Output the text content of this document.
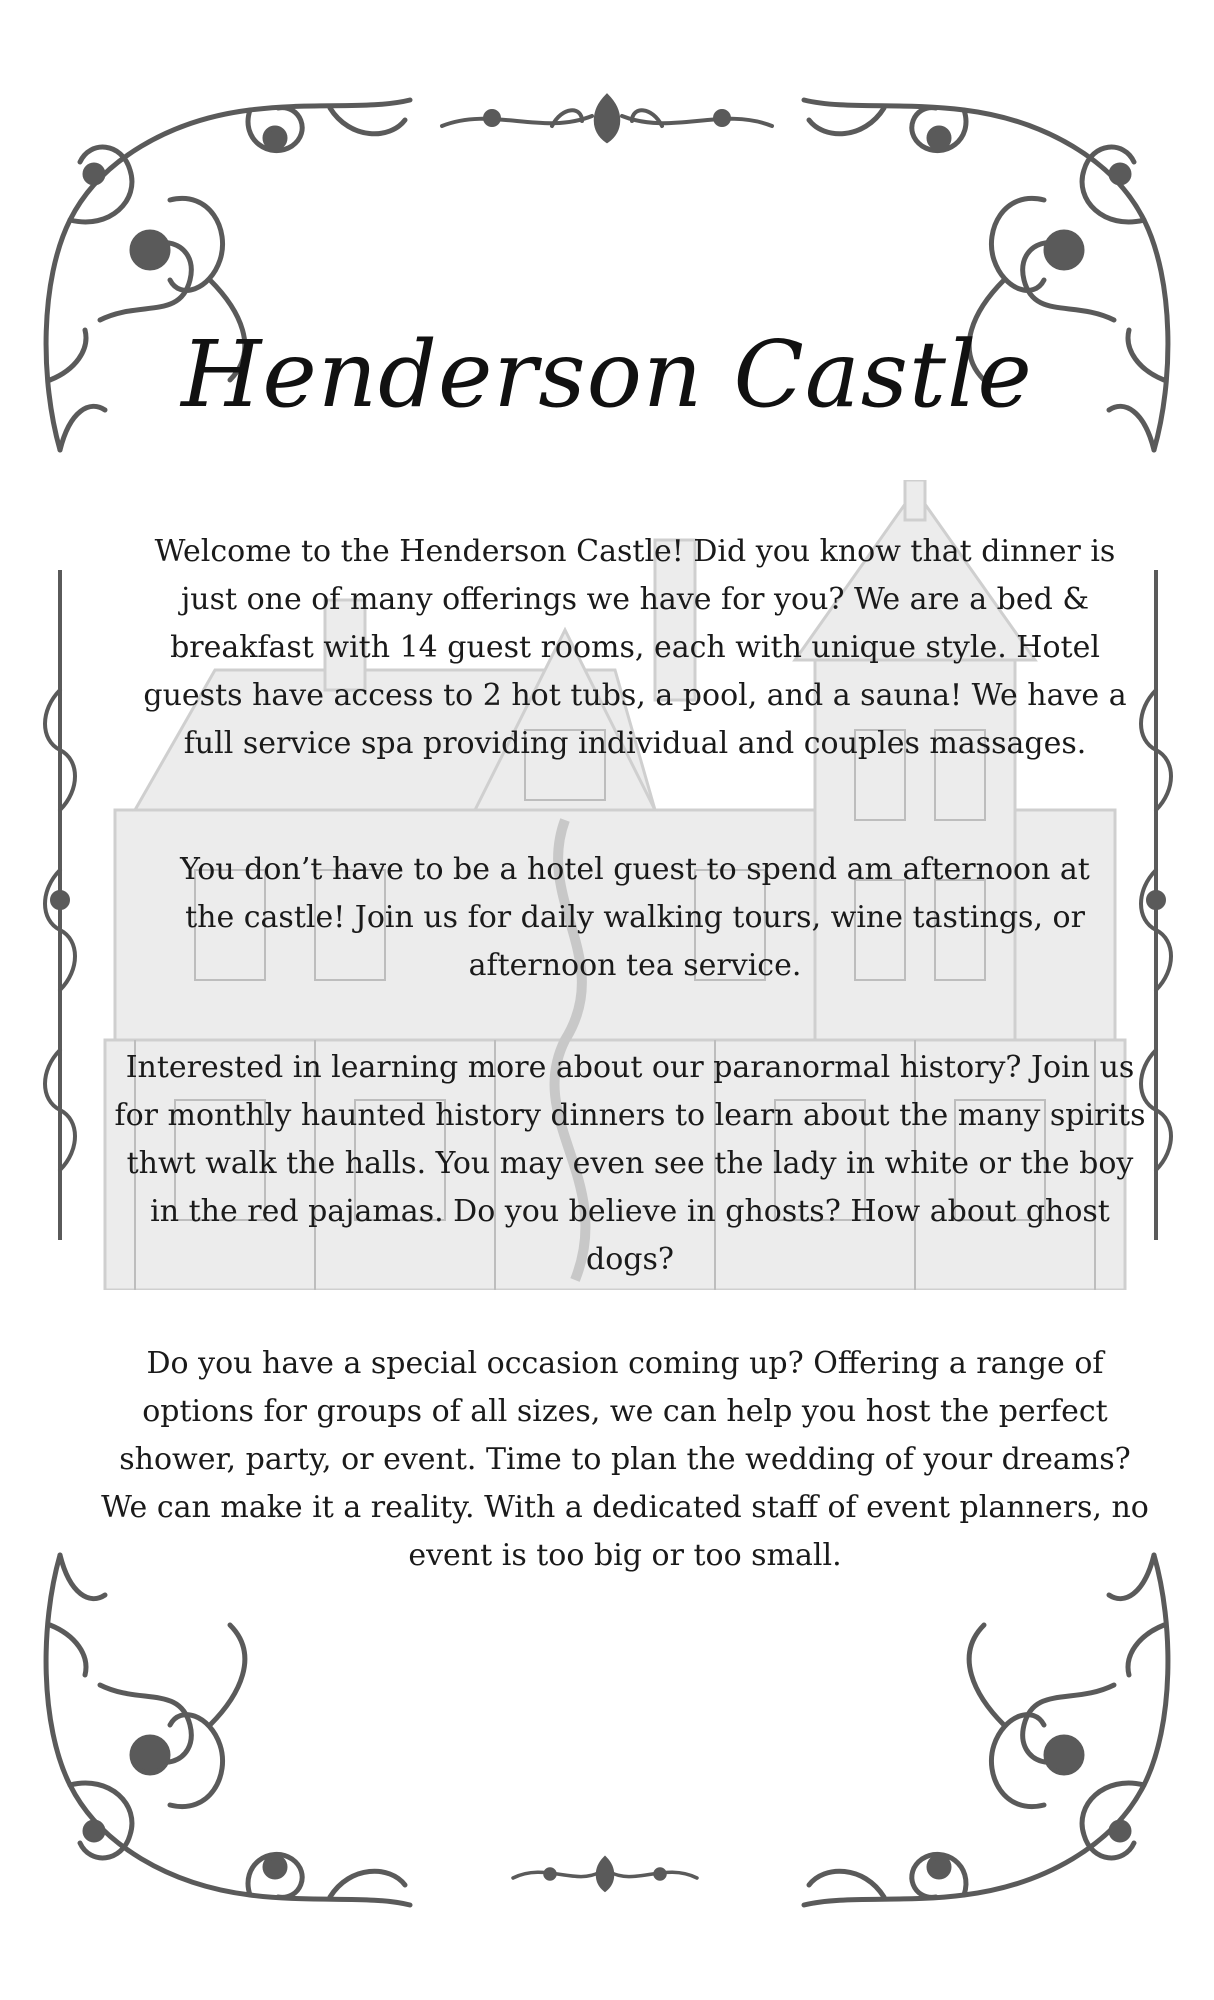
Henderson Castle
Welcome to the Henderson Castle! Did you know that dinner is just one of many offerings we have for you? We are a bed & breakfast with 14 guest rooms, each with unique style. Hotel guests have access to 2 hot tubs, a pool, and a sauna! We have a full service spa providing individual and couples massages.
You don’t have to be a hotel guest to spend am afternoon at the castle! Join us for daily walking tours, wine tastings, or afternoon tea service.
Interested in learning more about our paranormal history? Join us for monthly haunted history dinners to learn about the many spirits thwt walk the halls. You may even see the lady in white or the boy in the red pajamas. Do you believe in ghosts? How about ghost dogs?
Do you have a special occasion coming up? Offering a range of options for groups of all sizes, we can help you host the perfect shower, party, or event. Time to plan the wedding of your dreams? We can make it a reality. With a dedicated staff of event planners, no event is too big or too small.
